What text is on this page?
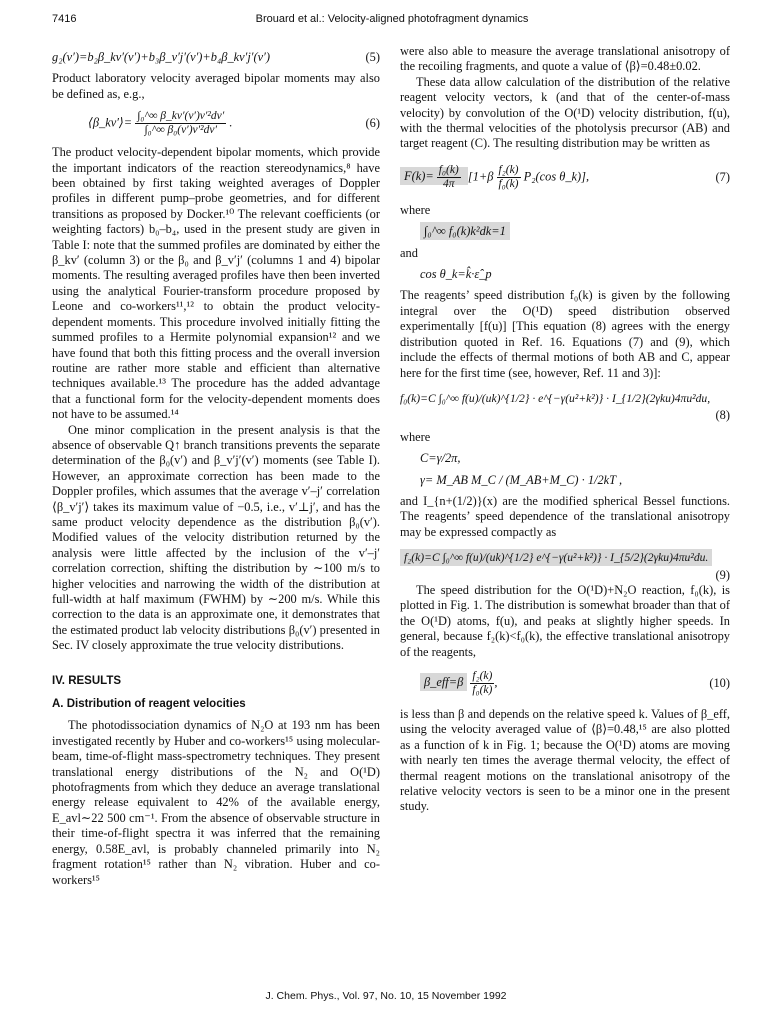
7416	Brouard et al.: Velocity-aligned photofragment dynamics
g₂(v′)=b₂β_kv′(v′)+b₃β_v′j′(v′)+b₄β_kv′j′(v′)	(5)

Product laboratory velocity averaged bipolar moments may also be defined as, e.g.,

⟨β_kv′⟩= $\frac{\text{∫₀\textasciicircum{}∞ β\_kv′(v′)v′²dv′}}{\text{∫₀\textasciicircum{}∞ β₀(v′)v′²dv′}}$ .	(6)

The product velocity-dependent bipolar moments, which provide the important indicators of the reaction stereodynamics,⁸ have been obtained by first taking weighted averages of Doppler profiles in different pump–probe geometries, and for different transitions as proposed by Docker.¹⁰ The relevant coefficients (or weighting factors) b₀–b₄, used in the present study are given in Table I: note that the summed profiles are dominated by either the β_kv′ (column 3) or the β₀ and β_v′j′ (columns 1 and 4) bipolar moments. The resulting averaged profiles have then been inverted using the analytical Fourier-transform procedure proposed by Leone and co-workers¹¹,¹² to obtain the product velocity-dependent moments. This procedure involved initially fitting the summed profiles to a Hermite polynomial expansion¹² and we have found that both this fitting process and the overall inversion routine are rather more stable and efficient than alternative techniques available.¹³ The procedure has the added advantage that a functional form for the velocity-dependent moments does not have to be assumed.¹⁴

One minor complication in the present analysis is that the absence of observable Q↑ branch transitions prevents the separate determination of the β₀(v′) and β_v′j′(v′) moments (see Table I). However, an approximate correction has been made to the Doppler profiles, which assumes that the average v′–j′ correlation ⟨β_v′j′⟩ takes its maximum value of −0.5, i.e., v′⊥j′, and has the same product velocity dependence as the distribution β₀(v′). Modified values of the velocity distribution returned by the analysis were little affected by the inclusion of the v′–j′ correlation correction, shifting the distribution by ∼100 m/s to higher velocities and narrowing the width of the distribution at full-width at half maximum (FWHM) by ∼200 m/s. While this correction to the data is an approximate one, it demonstrates that the estimated product lab velocity distributions β₀(v′) presented in Sec. IV closely approximate the true velocity distributions.

IV. RESULTS
A. Distribution of reagent velocities

The photodissociation dynamics of N₂O at 193 nm has been investigated recently by Huber and co-workers¹⁵ using molecular-beam, time-of-flight mass-spectrometry techniques. They present translational energy distributions of the N₂ and O(¹D) photofragments from which they deduce an average translational energy release equivalent to 42% of the available energy, E_avl∼22 500 cm⁻¹. From the absence of observable structure in their time-of-flight spectra it was inferred that the remaining energy, 0.58E_avl, is probably channeled primarily into N₂ fragment rotation¹⁵ rather than N₂ vibration. Huber and co-workers¹⁵

were also able to measure the average translational anisotropy of the recoiling fragments, and quote a value of ⟨β⟩=0.48±0.02.

These data allow calculation of the distribution of the relative reagent velocity vectors, k (and that of the center-of-mass velocity) by convolution of the O(¹D) velocity distribution, f(u), with the thermal velocities of the photolysis precursor (AB) and target reagent (C). The resulting distribution may be written as

$F(k)= \frac{\text{f₀(k)}}{4\pi} [1+\beta \frac{\text{f₂(k)}}{\text{f₀(k)}} P_2(\cos$ θ_k)],	(7)
where
∫₀^∞ f₀(k)k²dk=1
and
cos θ_k=k̂·ε̂_p

The reagents’ speed distribution f₀(k) is given by the following integral over the O(¹D) speed distribution observed experimentally [f(u)] [This equation (8) agrees with the energy distribution quoted in Ref. 16. Equations (7) and (9), which include the effects of thermal motions of both AB and C, appear here for the first time (see, however, Ref. 11 and 3)]:

f₀(k)=C ∫₀^∞ f(u)/(uk)^{1/2} · e^{−γ(u²+k²)} · I_{1/2}(2γku)4πu²du,
(8)
where
C=γ/2π,
γ= M_AB M_C / (M_AB+M_C) · 1/2kT ,

and I_{n+(1/2)}(x) are the modified spherical Bessel functions. The reagents’ speed dependence of the translational anisotropy may be expressed compactly as

f₂(k)=C ∫₀^∞ f(u)/(uk)^{1/2} e^{−γ(u²+k²)} · I_{5/2}(2γku)4πu²du.
(9)

The speed distribution for the O(¹D)+N₂O reaction, f₀(k), is plotted in Fig. 1. The distribution is somewhat broader than that of the O(¹D) atoms, f(u), and peaks at slightly higher speeds. In general, because f₂(k)<f₀(k), the effective translational anisotropy of the reagents,

β_eff=β $\frac{\text{f₂(k)}}{\text{f₀(k)}}$ ,	(10)

is less than β and depends on the relative speed k. Values of β_eff, using the velocity averaged value of ⟨β⟩=0.48,¹⁵ are also plotted as a function of k in Fig. 1; because the O(¹D) atoms are moving with nearly ten times the average thermal velocity, the effect of thermal reagent motions on the translational anisotropy of the relative velocity vectors is seen to be a minor one in the present study.

J. Chem. Phys., Vol. 97, No. 10, 15 November 1992
